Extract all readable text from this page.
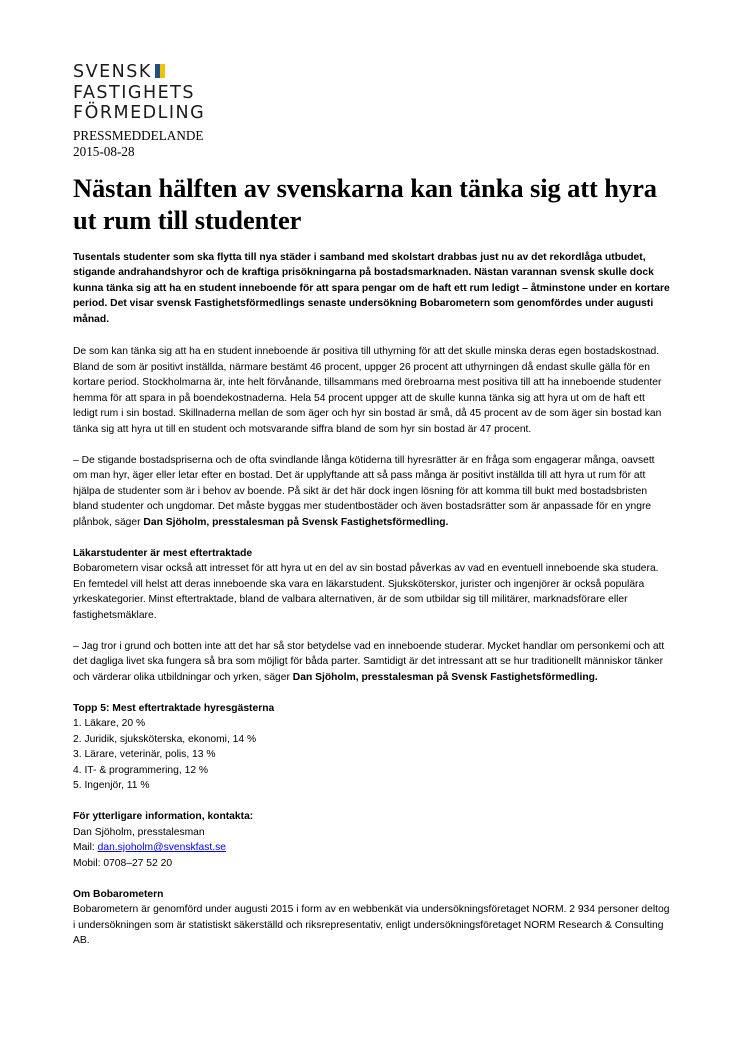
SVENSK
FASTIGHETS
FÖRMEDLING
PRESSMEDDELANDE
2015-08-28
Nästan hälften av svenskarna kan tänka sig att hyra ut rum till studenter

Tusentals studenter som ska flytta till nya städer i samband med skolstart drabbas just nu av det rekordlåga utbudet, stigande andrahandshyror och de kraftiga prisökningarna på bostadsmarknaden. Nästan varannan svensk skulle dock kunna tänka sig att ha en student inneboende för att spara pengar om de haft ett rum ledigt – åtminstone under en kortare period. Det visar svensk Fastighetsförmedlings senaste undersökning Bobarometern som genomfördes under augusti månad.

De som kan tänka sig att ha en student inneboende är positiva till uthyrning för att det skulle minska deras egen bostadskostnad. Bland de som är positivt inställda, närmare bestämt 46 procent, uppger 26 procent att uthyrningen då endast skulle gälla för en kortare period. Stockholmarna är, inte helt förvånande, tillsammans med örebroarna mest positiva till att ha inneboende studenter hemma för att spara in på boendekostnaderna. Hela 54 procent uppger att de skulle kunna tänka sig att hyra ut om de haft ett ledigt rum i sin bostad. Skillnaderna mellan de som äger och hyr sin bostad är små, då 45 procent av de som äger sin bostad kan tänka sig att hyra ut till en student och motsvarande siffra bland de som hyr sin bostad är 47 procent.

– De stigande bostadspriserna och de ofta svindlande långa kötiderna till hyresrätter är en fråga som engagerar många, oavsett om man hyr, äger eller letar efter en bostad. Det är upplyftande att så pass många är positivt inställda till att hyra ut rum för att hjälpa de studenter som är i behov av boende. På sikt är det här dock ingen lösning för att komma till bukt med bostadsbristen bland studenter och ungdomar. Det måste byggas mer studentbostäder och även bostadsrätter som är anpassade för en yngre plånbok, säger Dan Sjöholm, presstalesman på Svensk Fastighetsförmedling.

Läkarstudenter är mest eftertraktade

Bobarometern visar också att intresset för att hyra ut en del av sin bostad påverkas av vad en eventuell inneboende ska studera. En femtedel vill helst att deras inneboende ska vara en läkarstudent. Sjuksköterskor, jurister och ingenjörer är också populära yrkeskategorier. Minst eftertraktade, bland de valbara alternativen, är de som utbildar sig till militärer, marknadsförare eller fastighetsmäklare.

– Jag tror i grund och botten inte att det har så stor betydelse vad en inneboende studerar. Mycket handlar om personkemi och att det dagliga livet ska fungera så bra som möjligt för båda parter. Samtidigt är det intressant att se hur traditionellt människor tänker och värderar olika utbildningar och yrken, säger Dan Sjöholm, presstalesman på Svensk Fastighetsförmedling.

Topp 5: Mest eftertraktade hyresgästerna
1. Läkare, 20 %
2. Juridik, sjuksköterska, ekonomi, 14 %
3. Lärare, veterinär, polis, 13 %
4. IT- & programmering, 12 %
5. Ingenjör, 11 %
För ytterligare information, kontakta:
Dan Sjöholm, presstalesman
Mail: dan.sjoholm@svenskfast.se
Mobil: 0708–27 52 20
Om Bobarometern
Bobarometern är genomförd under augusti 2015 i form av en webbenkät via undersökningsföretaget NORM. 2 934 personer deltog i undersökningen som är statistiskt säkerställd och riksrepresentativ, enligt undersökningsföretaget NORM Research & Consulting AB.
